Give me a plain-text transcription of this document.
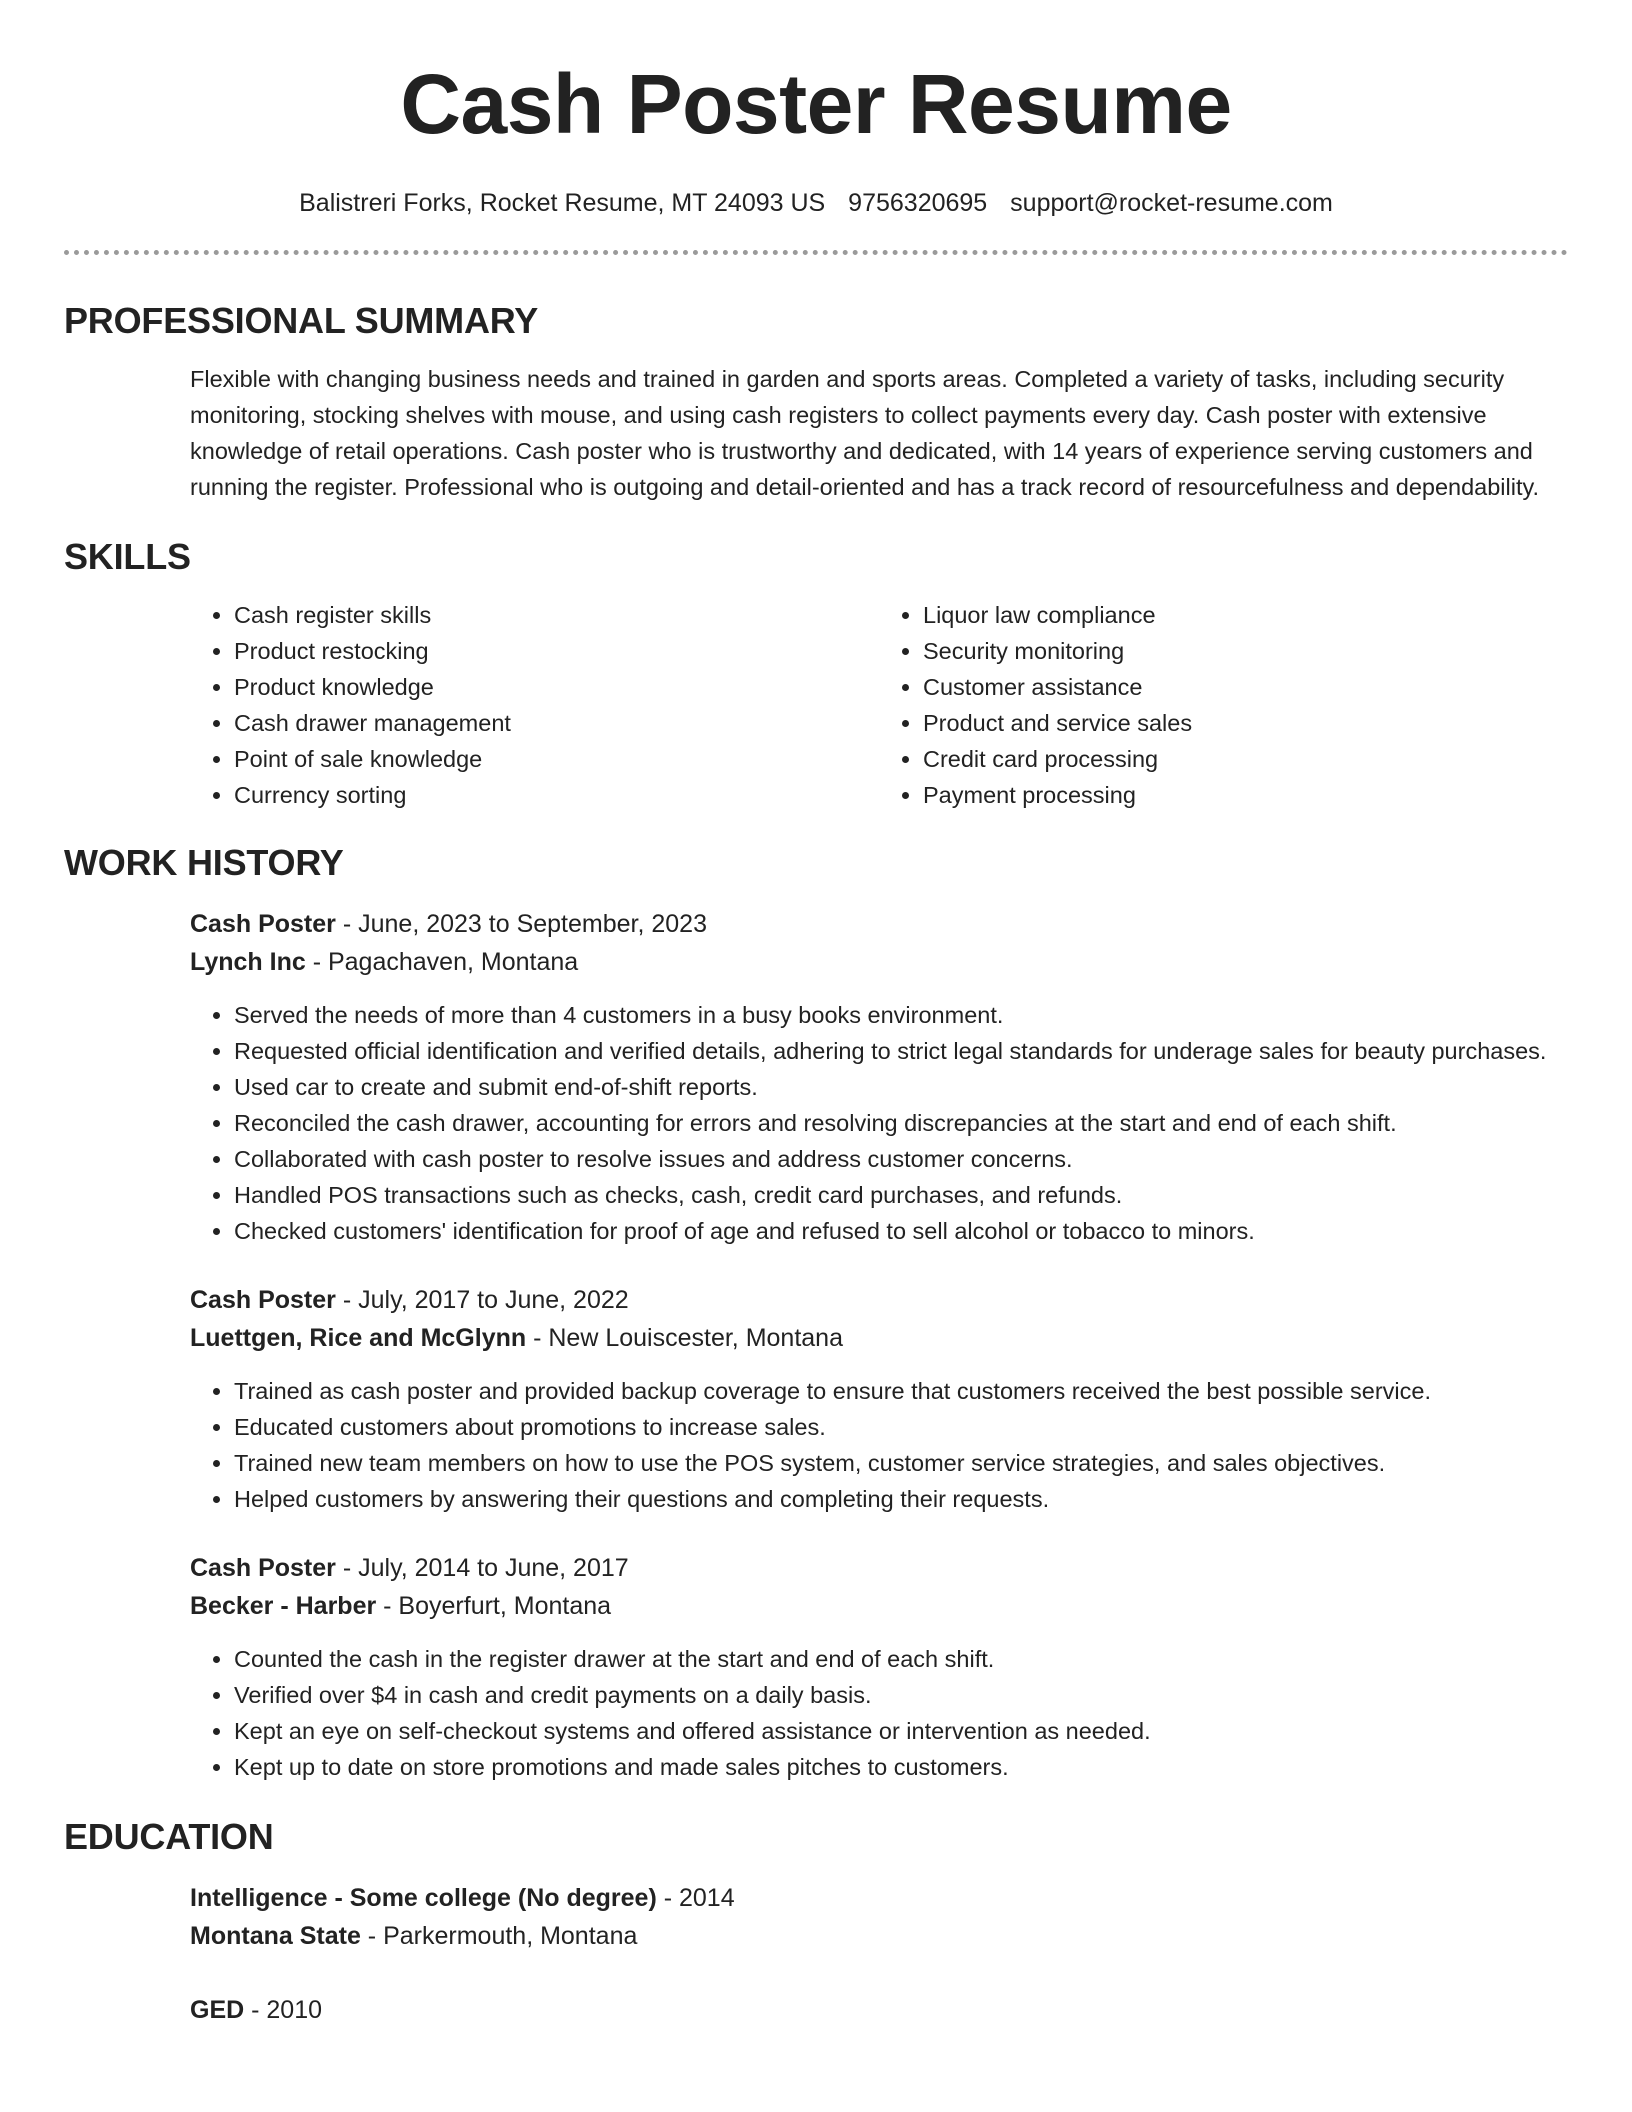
Cash Poster Resume
Balistreri Forks, Rocket Resume, MT 24093 US 9756320695 support@rocket-resume.com
PROFESSIONAL SUMMARY
Flexible with changing business needs and trained in garden and sports areas. Completed a variety of tasks, including security monitoring, stocking shelves with mouse, and using cash registers to collect payments every day. Cash poster with extensive knowledge of retail operations. Cash poster who is trustworthy and dedicated, with 14 years of experience serving customers and running the register. Professional who is outgoing and detail-oriented and has a track record of resourcefulness and dependability.
SKILLS
• Cash register skills
• Product restocking
• Product knowledge
• Cash drawer management
• Point of sale knowledge
• Currency sorting
• Liquor law compliance
• Security monitoring
• Customer assistance
• Product and service sales
• Credit card processing
• Payment processing
WORK HISTORY
Cash Poster - June, 2023 to September, 2023
Lynch Inc - Pagachaven, Montana
• Served the needs of more than 4 customers in a busy books environment.
• Requested official identification and verified details, adhering to strict legal standards for underage sales for beauty purchases.
• Used car to create and submit end-of-shift reports.
• Reconciled the cash drawer, accounting for errors and resolving discrepancies at the start and end of each shift.
• Collaborated with cash poster to resolve issues and address customer concerns.
• Handled POS transactions such as checks, cash, credit card purchases, and refunds.
• Checked customers' identification for proof of age and refused to sell alcohol or tobacco to minors.
Cash Poster - July, 2017 to June, 2022
Luettgen, Rice and McGlynn - New Louiscester, Montana
• Trained as cash poster and provided backup coverage to ensure that customers received the best possible service.
• Educated customers about promotions to increase sales.
• Trained new team members on how to use the POS system, customer service strategies, and sales objectives.
• Helped customers by answering their questions and completing their requests.
Cash Poster - July, 2014 to June, 2017
Becker - Harber - Boyerfurt, Montana
• Counted the cash in the register drawer at the start and end of each shift.
• Verified over $4 in cash and credit payments on a daily basis.
• Kept an eye on self-checkout systems and offered assistance or intervention as needed.
• Kept up to date on store promotions and made sales pitches to customers.
EDUCATION
Intelligence - Some college (No degree) - 2014
Montana State - Parkermouth, Montana
GED - 2010
